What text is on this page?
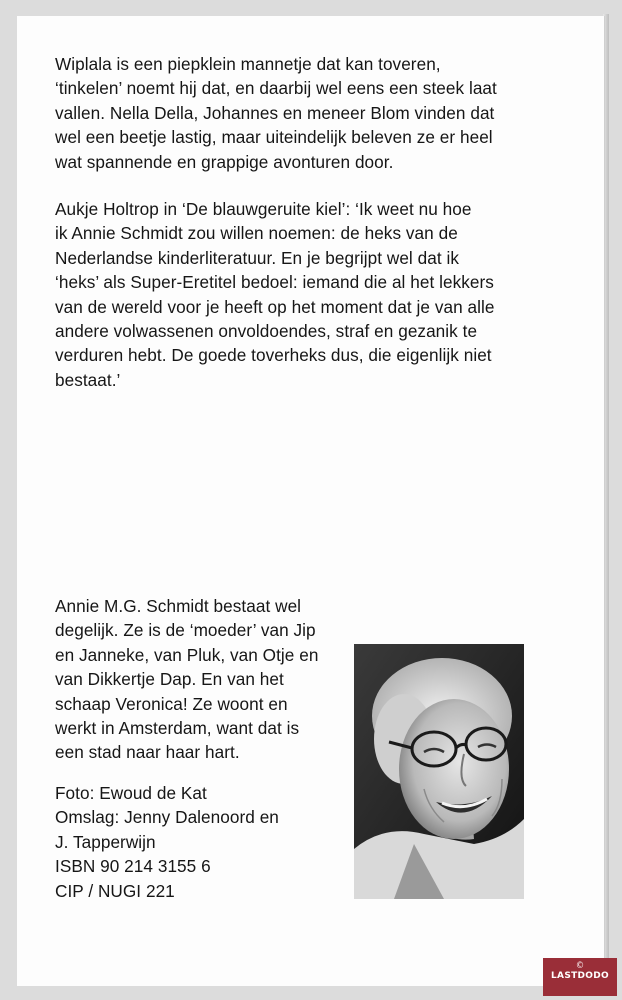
Wiplala is een piepklein mannetje dat kan toveren,
‘tinkelen’ noemt hij dat, en daarbij wel eens een steek laat
vallen. Nella Della, Johannes en meneer Blom vinden dat
wel een beetje lastig, maar uiteindelijk beleven ze er heel
wat spannende en grappige avonturen door.

Aukje Holtrop in ‘De blauwgeruite kiel’: ‘Ik weet nu hoe
ik Annie Schmidt zou willen noemen: de heks van de
Nederlandse kinderliteratuur. En je begrijpt wel dat ik
‘heks’ als Super-Eretitel bedoel: iemand die al het lekkers
van de wereld voor je heeft op het moment dat je van alle
andere volwassenen onvoldoendes, straf en gezanik te
verduren hebt. De goede toverheks dus, die eigenlijk niet
bestaat.’

Annie M.G. Schmidt bestaat wel
degelijk. Ze is de ‘moeder’ van Jip
en Janneke, van Pluk, van Otje en
van Dikkertje Dap. En van het
schaap Veronica! Ze woont en
werkt in Amsterdam, want dat is
een stad naar haar hart.

Foto: Ewoud de Kat
Omslag: Jenny Dalenoord en
J. Tapperwijn
ISBN 90 214 3155 6
CIP / NUGI 221

©
LASTDODO
